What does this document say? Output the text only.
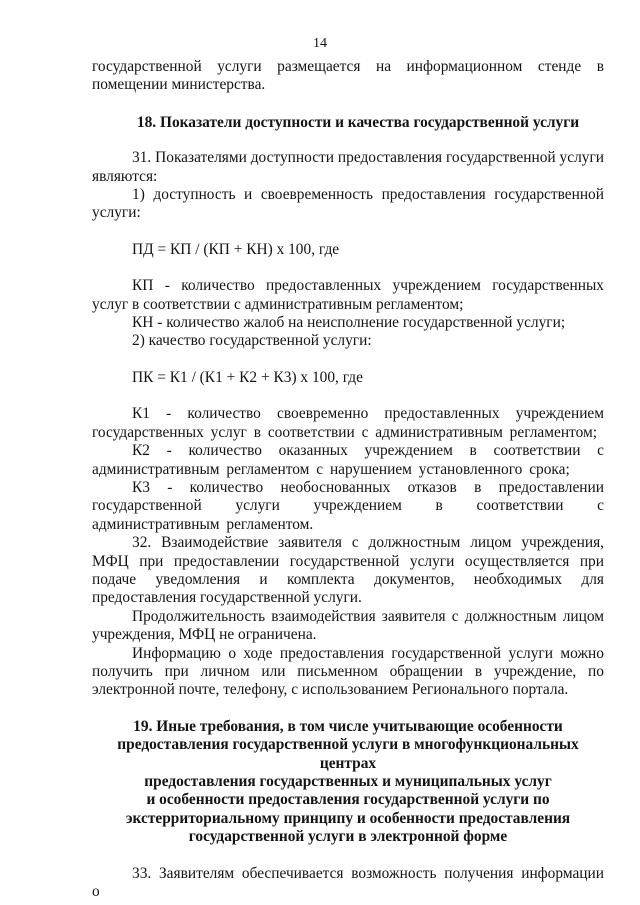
14

государственной услуги размещается на информационном стенде в помещении министерства.

18. Показатели доступности и качества государственной услуги

31. Показателями доступности предоставления государственной услуги являются:

1) доступность и своевременность предоставления государственной услуги:

ПД = КП / (КП + КН) х 100, где

КП - количество предоставленных учреждением государственных услуг в соответствии с административным регламентом;

КН - количество жалоб на неисполнение государственной услуги;

2) качество государственной услуги:

ПК = К1 / (К1 + К2 + К3) х 100, где

К1 - количество своевременно предоставленных учреждением государственных услуг в соответствии с административным регламентом;

К2 - количество оказанных учреждением в соответствии с административным регламентом с нарушением установленного срока;

К3 - количество необоснованных отказов в предоставлении государственной услуги учреждением в соответствии с административным регламентом.

32. Взаимодействие заявителя с должностным лицом учреждения, МФЦ при предоставлении государственной услуги осуществляется при подаче уведомления и комплекта документов, необходимых для предоставления государственной услуги.

Продолжительность взаимодействия заявителя с должностным лицом учреждения, МФЦ не ограничена.

Информацию о ходе предоставления государственной услуги можно получить при личном или письменном обращении в учреждение, по электронной почте, телефону, с использованием Регионального портала.

19. Иные требования, в том числе учитывающие особенности
предоставления государственной услуги в многофункциональных центрах
предоставления государственных и муниципальных услуг
и особенности предоставления государственной услуги по
экстерриториальному принципу и особенности предоставления
государственной услуги в электронной форме

33. Заявителям обеспечивается возможность получения информации о
